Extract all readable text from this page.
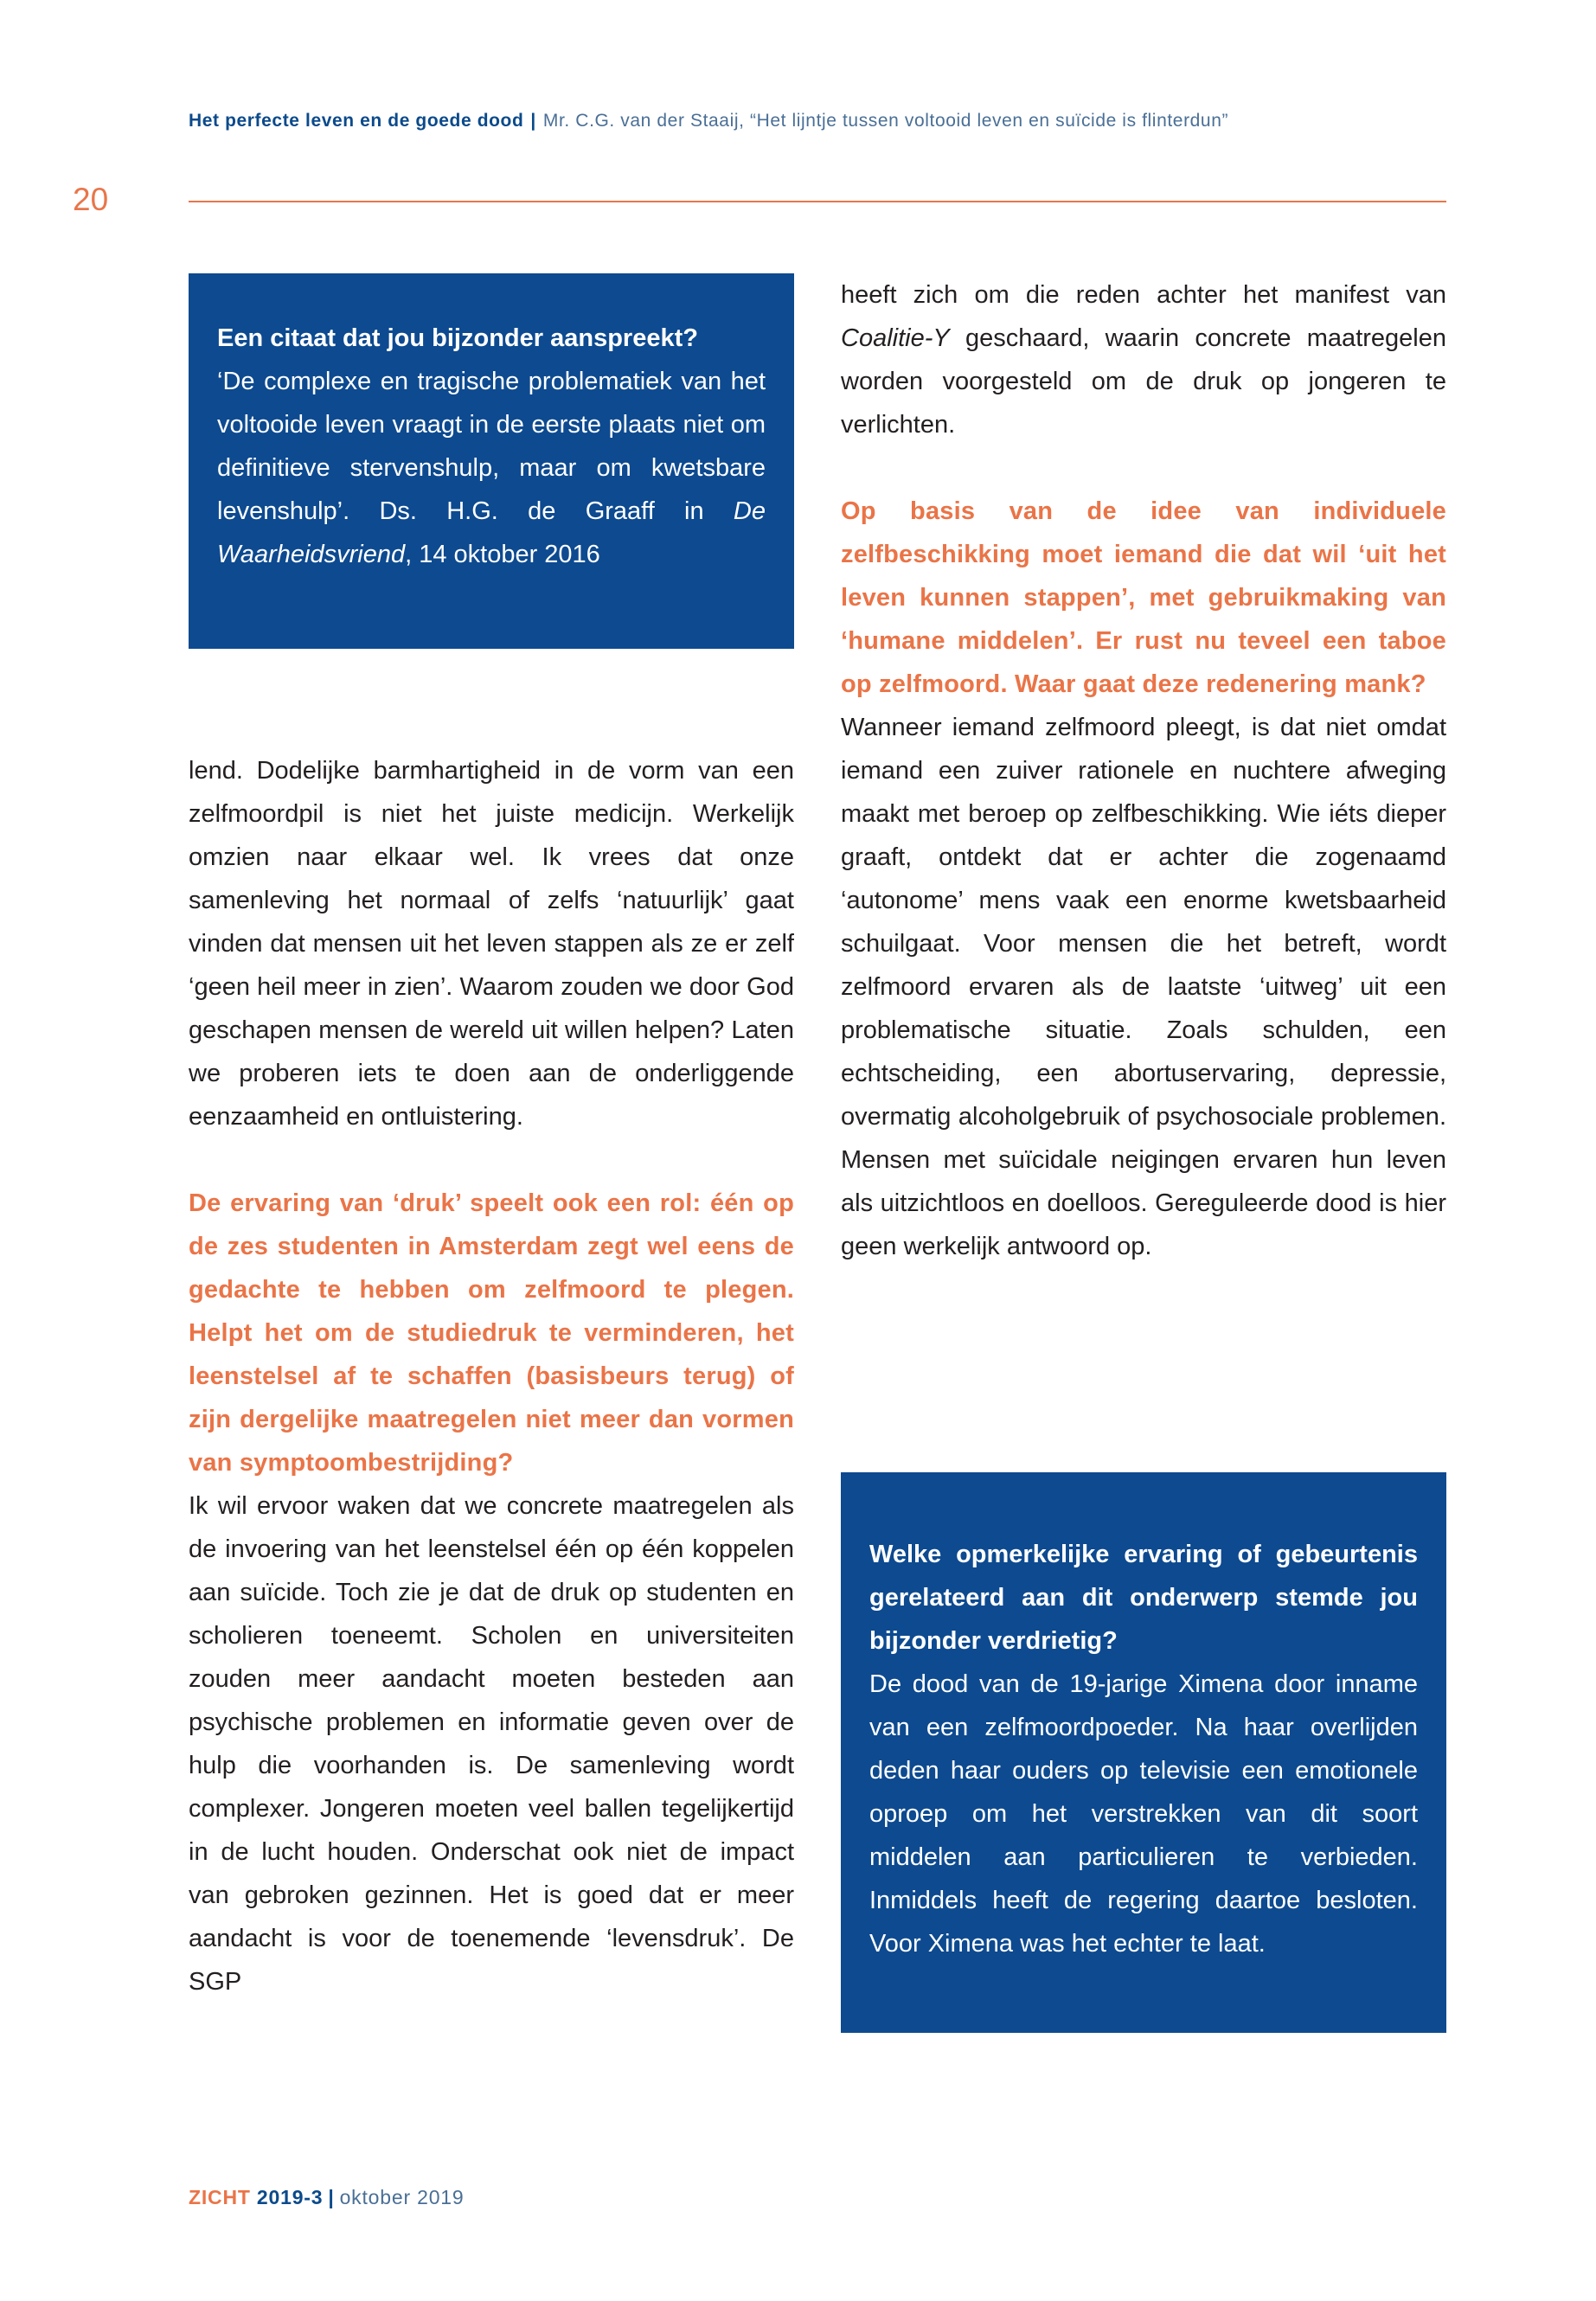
Het perfecte leven en de goede dood | Mr. C.G. van der Staaij, “Het lijntje tussen voltooid leven en suïcide is flinterdun”
20

Een citaat dat jou bijzonder aanspreekt?

‘De complexe en tragische problematiek van het voltooide leven vraagt in de eerste plaats niet om definitieve stervenshulp, maar om kwetsbare levenshulp’. Ds. H.G. de Graaff in De Waarheidsvriend, 14 oktober 2016

lend. Dodelijke barmhartigheid in de vorm van een zelfmoordpil is niet het juiste medicijn. Werkelijk omzien naar elkaar wel. Ik vrees dat onze samenleving het normaal of zelfs ‘natuurlijk’ gaat vinden dat mensen uit het leven stappen als ze er zelf ‘geen heil meer in zien’. Waarom zouden we door God geschapen mensen de wereld uit willen helpen? Laten we proberen iets te doen aan de onderliggende eenzaamheid en ontluistering.

De ervaring van ‘druk’ speelt ook een rol: één op de zes studenten in Amsterdam zegt wel eens de gedachte te hebben om zelfmoord te plegen. Helpt het om de studiedruk te verminderen, het leenstelsel af te schaffen (basisbeurs terug) of zijn dergelijke maatregelen niet meer dan vormen van symptoombestrijding?

Ik wil ervoor waken dat we concrete maatregelen als de invoering van het leenstelsel één op één koppelen aan suïcide. Toch zie je dat de druk op studenten en scholieren toeneemt. Scholen en universiteiten zouden meer aandacht moeten besteden aan psychische problemen en informatie geven over de hulp die voorhanden is. De samenleving wordt complexer. Jongeren moeten veel ballen tegelijkertijd in de lucht houden. Onderschat ook niet de impact van gebroken gezinnen. Het is goed dat er meer aandacht is voor de toenemende ‘levensdruk’. De SGP

heeft zich om die reden achter het manifest van Coalitie-Y geschaard, waarin concrete maatregelen worden voorgesteld om de druk op jongeren te verlichten.

Op basis van de idee van individuele zelfbeschikking moet iemand die dat wil ‘uit het leven kunnen stappen’, met gebruikmaking van ‘humane middelen’. Er rust nu teveel een taboe op zelfmoord. Waar gaat deze redenering mank?

Wanneer iemand zelfmoord pleegt, is dat niet omdat iemand een zuiver rationele en nuchtere afweging maakt met beroep op zelfbeschikking. Wie iéts dieper graaft, ontdekt dat er achter die zogenaamd ‘autonome’ mens vaak een enorme kwetsbaarheid schuilgaat. Voor mensen die het betreft, wordt zelfmoord ervaren als de laatste ‘uitweg’ uit een problematische situatie. Zoals schulden, een echtscheiding, een abortuservaring, depressie, overmatig alcoholgebruik of psychosociale problemen. Mensen met suïcidale neigingen ervaren hun leven als uitzichtloos en doelloos. Gereguleerde dood is hier geen werkelijk antwoord op.

Welke opmerkelijke ervaring of gebeurtenis gerelateerd aan dit onderwerp stemde jou bijzonder verdrietig?

De dood van de 19-jarige Ximena door inname van een zelfmoordpoeder. Na haar overlijden deden haar ouders op televisie een emotionele oproep om het verstrekken van dit soort middelen aan particulieren te verbieden. Inmiddels heeft de regering daartoe besloten. Voor Ximena was het echter te laat.

ZICHT 2019-3 | oktober 2019
